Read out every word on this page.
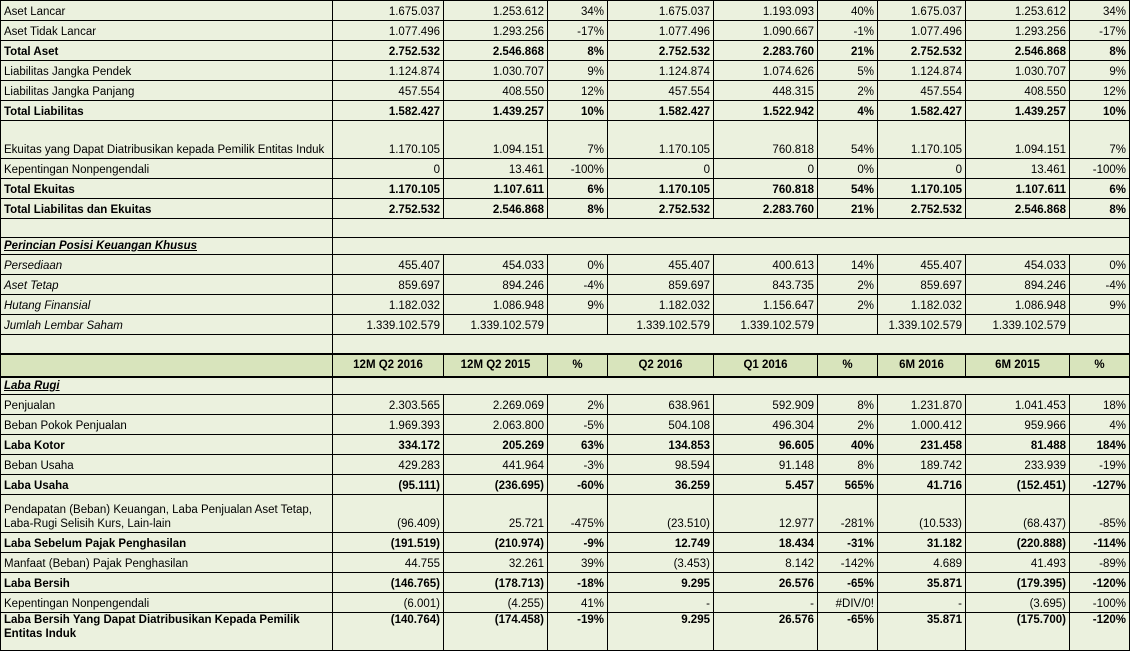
Aset Lancar	1.675.037	1.253.612	34%	1.675.037	1.193.093	40%	1.675.037	1.253.612	34%
Aset Tidak Lancar	1.077.496	1.293.256	-17%	1.077.496	1.090.667	-1%	1.077.496	1.293.256	-17%
Total Aset	2.752.532	2.546.868	8%	2.752.532	2.283.760	21%	2.752.532	2.546.868	8%
Liabilitas Jangka Pendek	1.124.874	1.030.707	9%	1.124.874	1.074.626	5%	1.124.874	1.030.707	9%
Liabilitas Jangka Panjang	457.554	408.550	12%	457.554	448.315	2%	457.554	408.550	12%
Total Liabilitas	1.582.427	1.439.257	10%	1.582.427	1.522.942	4%	1.582.427	1.439.257	10%
Ekuitas yang Dapat Diatribusikan kepada Pemilik Entitas Induk	1.170.105	1.094.151	7%	1.170.105	760.818	54%	1.170.105	1.094.151	7%
Kepentingan Nonpengendali	0	13.461	-100%	0	0	0%	0	13.461	-100%
Total Ekuitas	1.170.105	1.107.611	6%	1.170.105	760.818	54%	1.170.105	1.107.611	6%
Total Liabilitas dan Ekuitas	2.752.532	2.546.868	8%	2.752.532	2.283.760	21%	2.752.532	2.546.868	8%

Perincian Posisi Keuangan Khusus									
Persediaan	455.407	454.033	0%	455.407	400.613	14%	455.407	454.033	0%
Aset Tetap	859.697	894.246	-4%	859.697	843.735	2%	859.697	894.246	-4%
Hutang Finansial	1.182.032	1.086.948	9%	1.182.032	1.156.647	2%	1.182.032	1.086.948	9%
Jumlah Lembar Saham	1.339.102.579	1.339.102.579		1.339.102.579	1.339.102.579		1.339.102.579	1.339.102.579	

	12M Q2 2016	12M Q2 2015	%	Q2 2016	Q1 2016	%	6M 2016	6M 2015	%
Laba Rugi									
Penjualan	2.303.565	2.269.069	2%	638.961	592.909	8%	1.231.870	1.041.453	18%
Beban Pokok Penjualan	1.969.393	2.063.800	-5%	504.108	496.304	2%	1.000.412	959.966	4%
Laba Kotor	334.172	205.269	63%	134.853	96.605	40%	231.458	81.488	184%
Beban Usaha	429.283	441.964	-3%	98.594	91.148	8%	189.742	233.939	-19%
Laba Usaha	(95.111)	(236.695)	-60%	36.259	5.457	565%	41.716	(152.451)	-127%
Pendapatan (Beban) Keuangan, Laba Penjualan Aset Tetap, Laba-Rugi Selisih Kurs, Lain-lain	(96.409)	25.721	-475%	(23.510)	12.977	-281%	(10.533)	(68.437)	-85%
Laba Sebelum Pajak Penghasilan	(191.519)	(210.974)	-9%	12.749	18.434	-31%	31.182	(220.888)	-114%
Manfaat (Beban) Pajak Penghasilan	44.755	32.261	39%	(3.453)	8.142	-142%	4.689	41.493	-89%
Laba Bersih	(146.765)	(178.713)	-18%	9.295	26.576	-65%	35.871	(179.395)	-120%
Kepentingan Nonpengendali	(6.001)	(4.255)	41%	-	-	#DIV/0!	-	(3.695)	-100%
Laba Bersih Yang Dapat Diatribusikan Kepada Pemilik Entitas Induk	(140.764)	(174.458)	-19%	9.295	26.576	-65%	35.871	(175.700)	-120%
